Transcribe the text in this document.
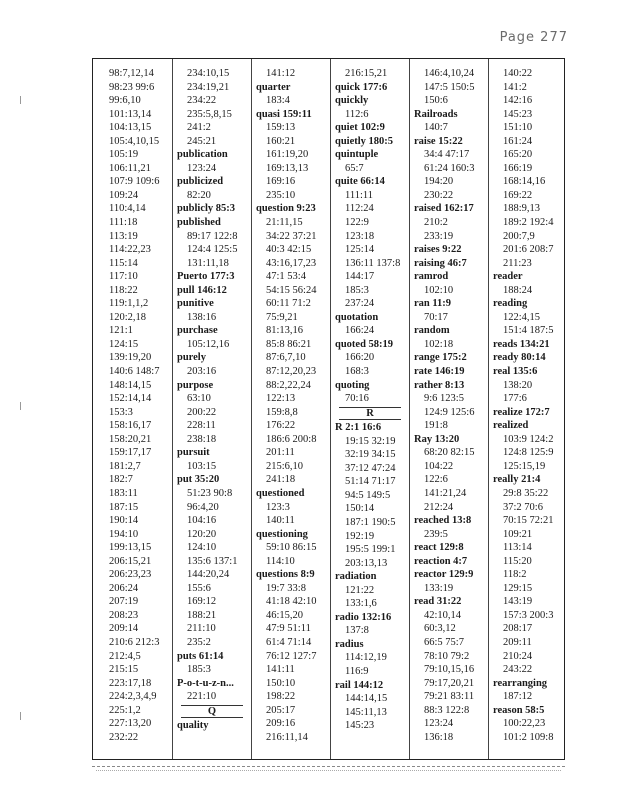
Page 277
98:7,12,14
98:23 99:6
99:6,10
101:13,14
104:13,15
105:4,10,15
105:19
106:11,21
107:9 109:6
109:24
110:4,14
111:18
113:19
114:22,23
115:14
117:10
118:22
119:1,1,2
120:2,18
121:1
124:15
139:19,20
140:6 148:7
148:14,15
152:14,14
153:3
158:16,17
158:20,21
159:17,17
181:2,7
182:7
183:11
187:15
190:14
194:10
199:13,15
206:15,21
206:23,23
206:24
207:19
208:23
209:14
210:6 212:3
212:4,5
215:15
223:17,18
224:2,3,4,9
225:1,2
227:13,20
232:22
234:10,15
234:19,21
234:22
235:5,8,15
241:2
245:21
publication
123:24
publicized
82:20
publicly 85:3
published
89:17 122:8
124:4 125:5
131:11,18
Puerto 177:3
pull 146:12
punitive
138:16
purchase
105:12,16
purely
203:16
purpose
63:10
200:22
228:11
238:18
pursuit
103:15
put 35:20
51:23 90:8
96:4,20
104:16
120:20
124:10
135:6 137:1
144:20,24
155:6
169:12
188:21
211:10
235:2
puts 61:14
185:3
P-o-t-u-z-n...
221:10
Q
quality
141:12
quarter
183:4
quasi 159:11
159:13
160:21
161:19,20
169:13,13
169:16
235:10
question 9:23
21:11,15
34:22 37:21
40:3 42:15
43:16,17,23
47:1 53:4
54:15 56:24
60:11 71:2
75:9,21
81:13,16
85:8 86:21
87:6,7,10
87:12,20,23
88:2,22,24
122:13
159:8,8
176:22
186:6 200:8
201:11
215:6,10
241:18
questioned
123:3
140:11
questioning
59:10 86:15
114:10
questions 8:9
19:7 33:8
41:18 42:10
46:15,20
47:9 51:11
61:4 71:14
76:12 127:7
141:11
150:10
198:22
205:17
209:16
216:11,14
216:15,21
quick 177:6
quickly
112:6
quiet 102:9
quietly 180:5
quintuple
65:7
quite 66:14
111:11
112:24
122:9
123:18
125:14
136:11 137:8
144:17
185:3
237:24
quotation
166:24
quoted 58:19
166:20
168:3
quoting
70:16
R
R 2:1 16:6
19:15 32:19
32:19 34:15
37:12 47:24
51:14 71:17
94:5 149:5
150:14
187:1 190:5
192:19
195:5 199:1
203:13,13
radiation
121:22
133:1,6
radio 132:16
137:8
radius
114:12,19
116:9
rail 144:12
144:14,15
145:11,13
145:23
146:4,10,24
147:5 150:5
150:6
Railroads
140:7
raise 15:22
34:4 47:17
61:24 160:3
194:20
230:22
raised 162:17
210:2
233:19
raises 9:22
raising 46:7
ramrod
102:10
ran 11:9
70:17
random
102:18
range 175:2
rate 146:19
rather 8:13
9:6 123:5
124:9 125:6
191:8
Ray 13:20
68:20 82:15
104:22
122:6
141:21,24
212:24
reached 13:8
239:5
react 129:8
reaction 4:7
reactor 129:9
133:19
read 31:22
42:10,14
60:3,12
66:5 75:7
78:10 79:2
79:10,15,16
79:17,20,21
79:21 83:11
88:3 122:8
123:24
136:18
140:22
141:2
142:16
145:23
151:10
161:24
165:20
166:19
168:14,16
169:22
188:9,13
189:2 192:4
200:7,9
201:6 208:7
211:23
reader
188:24
reading
122:4,15
151:4 187:5
reads 134:21
ready 80:14
real 135:6
138:20
177:6
realize 172:7
realized
103:9 124:2
124:8 125:9
125:15,19
really 21:4
29:8 35:22
37:2 70:6
70:15 72:21
109:21
113:14
115:20
118:2
129:15
143:19
157:3 200:3
208:17
209:11
210:24
243:22
rearranging
187:12
reason 58:5
100:22,23
101:2 109:8
